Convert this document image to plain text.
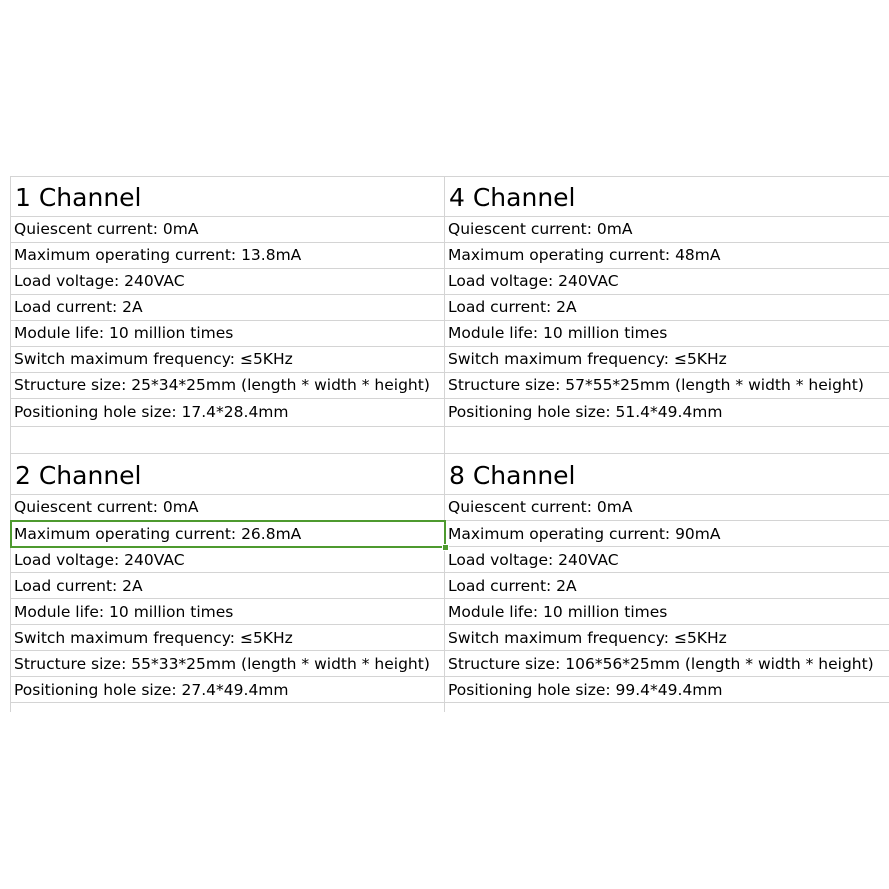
1 Channel
Quiescent current: 0mA
Maximum operating current: 13.8mA
Load voltage: 240VAC
Load current: 2A
Module life: 10 million times
Switch maximum frequency: ≤5KHz
Structure size: 25*34*25mm (length * width * height)
Positioning hole size: 17.4*28.4mm
4 Channel
Quiescent current: 0mA
Maximum operating current: 48mA
Load voltage: 240VAC
Load current: 2A
Module life: 10 million times
Switch maximum frequency: ≤5KHz
Structure size: 57*55*25mm (length * width * height)
Positioning hole size: 51.4*49.4mm
2 Channel
Quiescent current: 0mA
Maximum operating current: 26.8mA
Load voltage: 240VAC
Load current: 2A
Module life: 10 million times
Switch maximum frequency: ≤5KHz
Structure size: 55*33*25mm (length * width * height)
Positioning hole size: 27.4*49.4mm
8 Channel
Quiescent current: 0mA
Maximum operating current: 90mA
Load voltage: 240VAC
Load current: 2A
Module life: 10 million times
Switch maximum frequency: ≤5KHz
Structure size: 106*56*25mm (length * width * height)
Positioning hole size: 99.4*49.4mm
